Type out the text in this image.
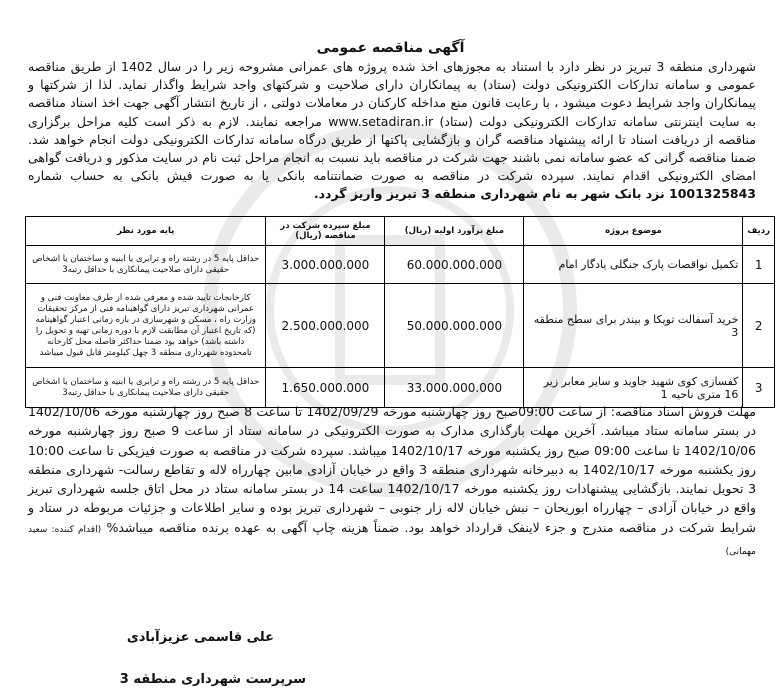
آگهی مناقصه عمومی
شهرداری منطقه 3 تبریز در نظر دارد با استناد به مجوزهای اخذ شده پروژه های عمرانی مشروحه زیر را در سال 1402 از طریق مناقصه عمومی و سامانه تدارکات الکترونیکی دولت (ستاد) به پیمانکاران دارای صلاحیت و شرکتهای واجد شرایط واگذار نماید. لذا از شرکتها و پیمانکاران واجد شرایط دعوت میشود ، با رعایت قانون منع مداخله کارکنان در معاملات دولتی ، از تاریخ انتشار آگهی جهت اخذ اسناد مناقصه به سایت اینترنتی سامانه تدارکات الکترونیکی دولت (ستاد) www.setadiran.ir مراجعه نمایند. لازم به ذکر است کلیه مراحل برگزاری مناقصه از دریافت اسناد تا ارائه پیشنهاد مناقصه گران و بازگشایی پاکتها از طریق درگاه سامانه تدارکات الکترونیکی دولت انجام خواهد شد. ضمنا مناقصه گرانی که عضو سامانه نمی باشند جهت شرکت در مناقصه باید نسبت به انجام مراحل ثبت نام در سایت مذکور و دریافت گواهی امضای الکترونیکی اقدام نمایند. سپرده شرکت در مناقصه به صورت ضمانتنامه بانکی یا به صورت فیش بانکی به حساب شماره 1001325843 نزد بانک شهر به نام شهرداری منطقه 3 تبریز واریز گردد.
ردیف	موضوع پروژه	مبلغ برآورد اولیه (ریال)	مبلغ سپرده شرکت در مناقصه (ریال)	پایه مورد نظر
1	تکمیل نواقصات پارک جنگلی یادگار امام	60.000.000.000	3.000.000.000	حداقل پایه 5 در رشته راه و ترابری یا ابنیه و ساختمان یا اشخاص حقیقی دارای صلاحیت پیمانکاری با حداقل رتبه3
2	خرید آسفالت توپکا و بیندر برای سطح منطقه 3	50.000.000.000	2.500.000.000	کارخانجات تایید شده و معرفی شده از طرف معاونت فنی و عمرانی شهرداری تبریز دارای گواهینامه فنی از مرکز تحقیقات وزارت راه ، مسکن و شهرسازی در بازه زمانی اعتبار گواهینامه (که تاریخ اعتبار آن مطابقت لازم با دوره زمانی تهیه و تحویل را داشته باشد) خواهد بود ضمنا حداکثر فاصله محل کارخانه تامحدوده شهرداری منطقه 3 چهل کیلومتر قابل قبول میباشد
3	کفسازی کوی شهید جاوید و سایر معابر زیر 16 متری ناحیه 1	33.000.000.000	1.650.000.000	حداقل پایه 5 در رشته راه و ترابری یا ابنیه و ساختمان یا اشخاص حقیقی دارای صلاحیت پیمانکاری با حداقل رتبه3
مهلت فروش اسناد مناقصه: از ساعت 09:00صبح روز چهارشنبه مورخه 1402/09/29 تا ساعت 8 صبح روز چهارشنبه مورخه 1402/10/06 در بستر سامانه ستاد میباشد. آخرین مهلت بارگذاری مدارک به صورت الکترونیکی در سامانه ستاد از ساعت 9 صبح روز چهارشنبه مورخه 1402/10/06 تا ساعت 09:00 صبح روز یکشنبه مورخه 1402/10/17 میباشد. سپرده شرکت در مناقصه به صورت فیزیکی تا ساعت 10:00 روز یکشنبه مورخه 1402/10/17 به دبیرخانه شهرداری منطقه 3 واقع در خیابان آزادی مابین چهارراه لاله و تقاطع رسالت- شهرداری منطقه 3 تحویل نمایند. بازگشایی پیشنهادات روز یکشنبه مورخه 1402/10/17 ساعت 14 در بستر سامانه ستاد در محل اتاق جلسه شهرداری تبریز واقع در خیابان آزادی – چهارراه ابوریحان – نبش خیابان لاله زار جنوبی – شهرداری تبریز بوده و سایر اطلاعات و جزئیات مربوطه در ستاد و شرایط شرکت در مناقصه مندرج و جزء لاینفک قرارداد خواهد بود. ضمناً هزینه چاپ آگهی به عهده برنده مناقصه میباشد% (اقدام کننده: سعید مهمانی)
علی قاسمی عزیزآبادی
سرپرست شهرداری منطقه 3
